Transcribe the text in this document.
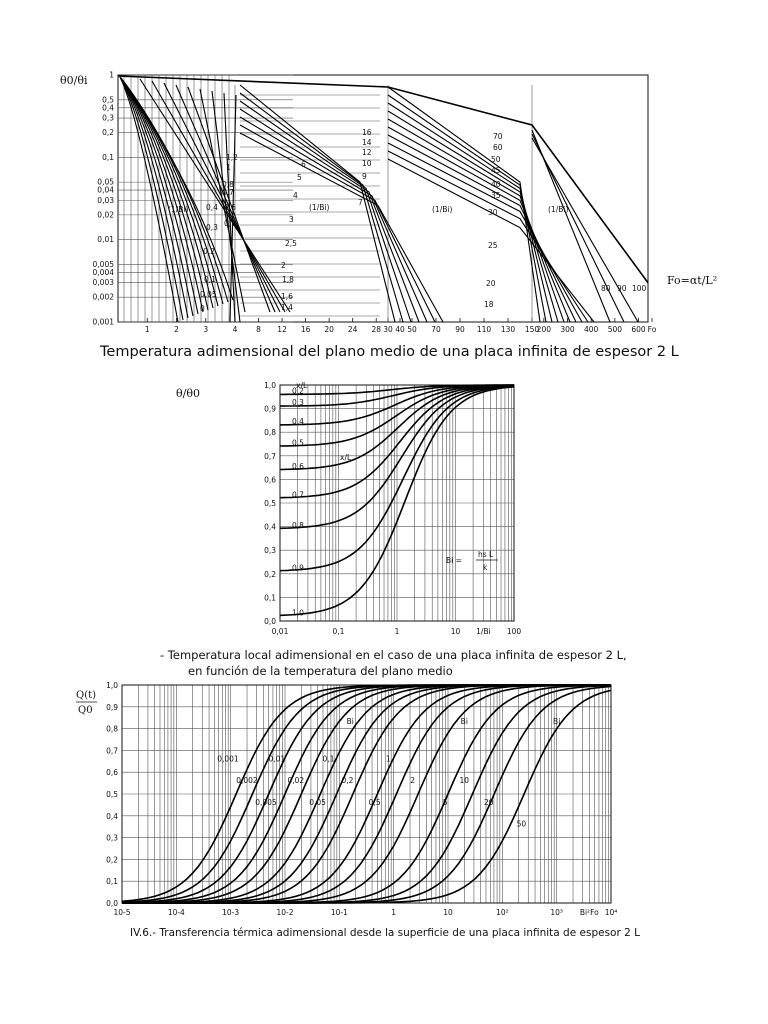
1
0,5
0,4
0,3
0,2
0,1
0,05
0,04
0,03
0,02
0,01
0,005
0,004
0,003
0,002
0,001
1	2	3	4	8 12 16 20 24 28 30 40 50 70 90 110 130 150
200 300 400 500 600 Fo
1,2
1
0,8
0,7
0,6
0,5
0,4
0,3
0,2
0,1
0,05
0
(1/Bi)
6
5
4
3
2,5
2
1,8
1,6
1,4
(1/Bi)
16
14
12
10
9
8
7
(1/Bi)
70
60
50
45
40
35
30
25
20
18
(1/Bi)
80 90 100
θ0/θi
Fo=αt/L²
Temperatura adimensional del plano medio de una placa infinita de espesor 2 L
0,0
0,1
0,2
0,3
0,4
0,5
0,6
0,7
0,8
0,9
1,0
0,01	0,1	1	10 1/Bi 100
0,2
0,3
0,4
0,5
0,6
0,7
0,8
0,9
1,0
x/L
x/L
Bi =
hs L
k
θ/θ0
- Temperatura local adimensional en el caso de una placa infinita de espesor 2 L,
en función de la temperatura del plano medio
0,0
0,1
0,2
0,3
0,4
0,5
0,6
0,7
0,8
0,9
1,0
10-5	10-4	10-3	10-2	10-1	1	10	10²	10³	10⁴
Bi²Fo
0,001
0,002
0,005
0,01
0,02
0,05
0,1
0,2
0,5
1
2
5
10
20
50
Bi	Bi	Bi
Q(t)
Q0
IV.6.- Transferencia térmica adimensional desde la superficie de una placa infinita de espesor 2 L
